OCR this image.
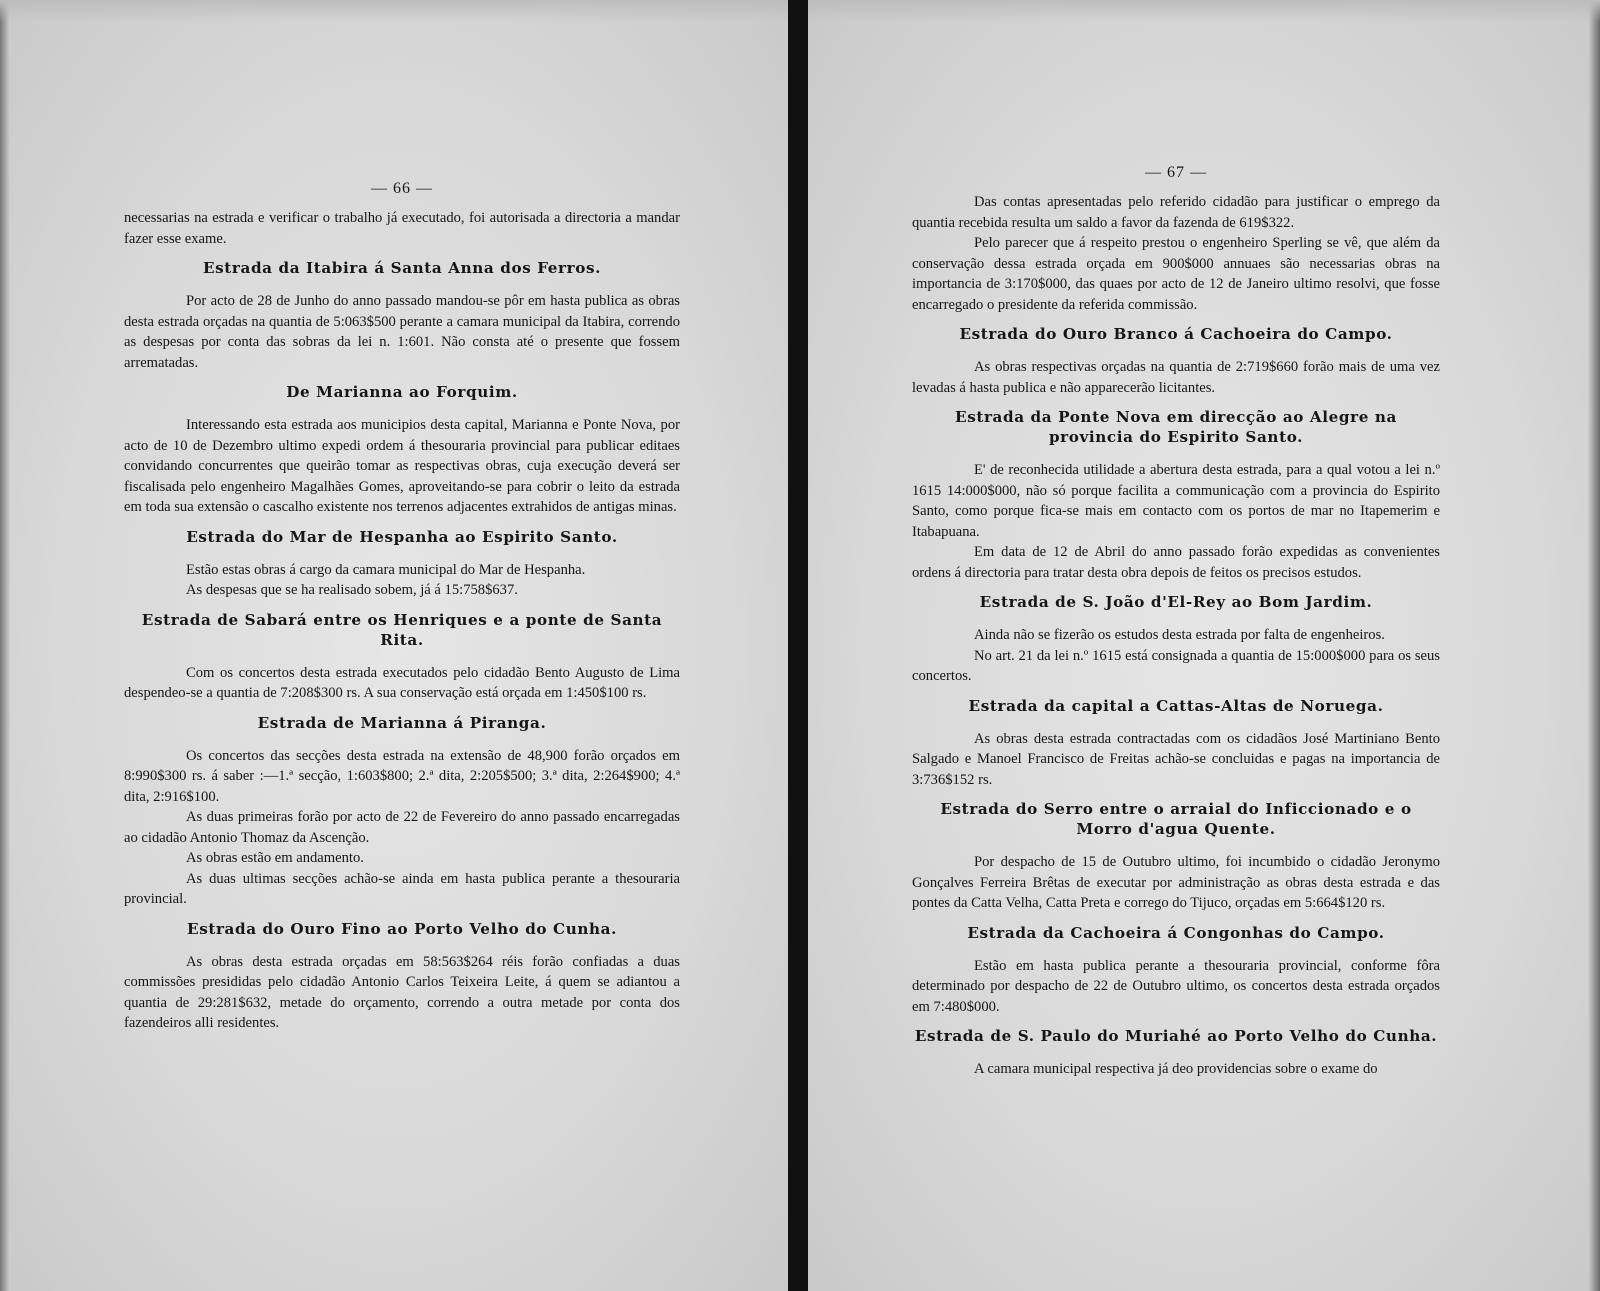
— 66 —

necessarias na estrada e verificar o trabalho já executado, foi autorisada a directoria a mandar fazer esse exame.

Estrada da Itabira á Santa Anna dos Ferros.

Por acto de 28 de Junho do anno passado mandou-se pôr em hasta publica as obras desta estrada orçadas na quantia de 5:063$500 perante a camara municipal da Itabira, correndo as despesas por conta das sobras da lei n. 1:601. Não consta até o presente que fossem arrematadas.

De Marianna ao Forquim.

Interessando esta estrada aos municipios desta capital, Marianna e Ponte Nova, por acto de 10 de Dezembro ultimo expedi ordem á thesouraria provincial para publicar editaes convidando concurrentes que queirão tomar as respectivas obras, cuja execução deverá ser fiscalisada pelo engenheiro Magalhães Gomes, aproveitando-se para cobrir o leito da estrada em toda sua extensão o cascalho existente nos terrenos adjacentes extrahidos de antigas minas.

Estrada do Mar de Hespanha ao Espirito Santo.

Estão estas obras á cargo da camara municipal do Mar de Hespanha.

As despesas que se ha realisado sobem, já á 15:758$637.

Estrada de Sabará entre os Henriques e a ponte de Santa Rita.

Com os concertos desta estrada executados pelo cidadão Bento Augusto de Lima despendeo-se a quantia de 7:208$300 rs. A sua conservação está orçada em 1:450$100 rs.

Estrada de Marianna á Piranga.

Os concertos das secções desta estrada na extensão de 48,900 forão orçados em 8:990$300 rs. á saber :—1.ª secção, 1:603$800; 2.ª dita, 2:205$500; 3.ª dita, 2:264$900; 4.ª dita, 2:916$100.

As duas primeiras forão por acto de 22 de Fevereiro do anno passado encarregadas ao cidadão Antonio Thomaz da Ascenção.

As obras estão em andamento.

As duas ultimas secções achão-se ainda em hasta publica perante a thesouraria provincial.

Estrada do Ouro Fino ao Porto Velho do Cunha.

As obras desta estrada orçadas em 58:563$264 réis forão confiadas a duas commissões presididas pelo cidadão Antonio Carlos Teixeira Leite, á quem se adiantou a quantia de 29:281$632, metade do orçamento, correndo a outra metade por conta dos fazendeiros alli residentes.

— 67 —

Das contas apresentadas pelo referido cidadão para justificar o emprego da quantia recebida resulta um saldo a favor da fazenda de 619$322.

Pelo parecer que á respeito prestou o engenheiro Sperling se vê, que além da conservação dessa estrada orçada em 900$000 annuaes são necessarias obras na importancia de 3:170$000, das quaes por acto de 12 de Janeiro ultimo resolvi, que fosse encarregado o presidente da referida commissão.

Estrada do Ouro Branco á Cachoeira do Campo.

As obras respectivas orçadas na quantia de 2:719$660 forão mais de uma vez levadas á hasta publica e não apparecerão licitantes.

Estrada da Ponte Nova em direcção ao Alegre na provincia do Espirito Santo.

E' de reconhecida utilidade a abertura desta estrada, para a qual votou a lei n.º 1615 14:000$000, não só porque facilita a communicação com a provincia do Espirito Santo, como porque fica-se mais em contacto com os portos de mar no Itapemerim e Itabapuana.

Em data de 12 de Abril do anno passado forão expedidas as convenientes ordens á directoria para tratar desta obra depois de feitos os precisos estudos.

Estrada de S. João d'El-Rey ao Bom Jardim.

Ainda não se fizerão os estudos desta estrada por falta de engenheiros.

No art. 21 da lei n.º 1615 está consignada a quantia de 15:000$000 para os seus concertos.

Estrada da capital a Cattas-Altas de Noruega.

As obras desta estrada contractadas com os cidadãos José Martiniano Bento Salgado e Manoel Francisco de Freitas achão-se concluidas e pagas na importancia de 3:736$152 rs.

Estrada do Serro entre o arraial do Inficcionado e o Morro d'agua Quente.

Por despacho de 15 de Outubro ultimo, foi incumbido o cidadão Jeronymo Gonçalves Ferreira Brêtas de executar por administração as obras desta estrada e das pontes da Catta Velha, Catta Preta e corrego do Tijuco, orçadas em 5:664$120 rs.

Estrada da Cachoeira á Congonhas do Campo.

Estão em hasta publica perante a thesouraria provincial, conforme fôra determinado por despacho de 22 de Outubro ultimo, os concertos desta estrada orçados em 7:480$000.

Estrada de S. Paulo do Muriahé ao Porto Velho do Cunha.

A camara municipal respectiva já deo providencias sobre o exame do
